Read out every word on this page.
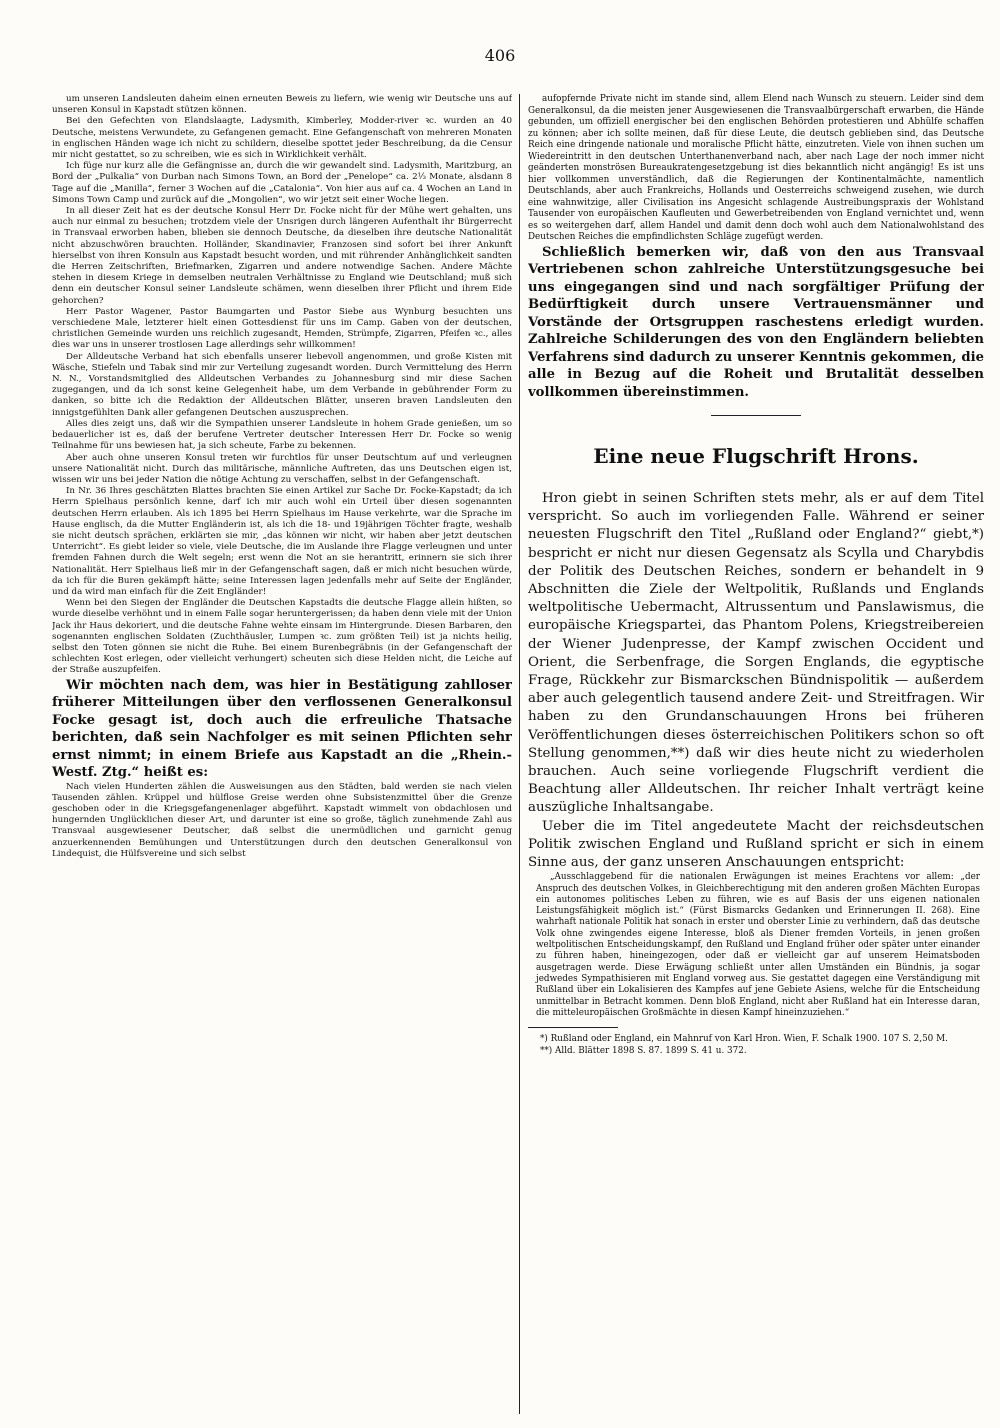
406

um unseren Landsleuten daheim einen erneuten Beweis zu liefern, wie wenig wir Deutsche uns auf unseren Konsul in Kapstadt stützen können.

Bei den Gefechten von Elandslaagte, Ladysmith, Kimberley, Modder-river ꝛc. wurden an 40 Deutsche, meistens Verwundete, zu Gefangenen gemacht. Eine Gefangenschaft von mehreren Monaten in englischen Händen wage ich nicht zu schildern, dieselbe spottet jeder Beschreibung, da die Censur mir nicht gestattet, so zu schreiben, wie es sich in Wirklichkeit verhält.

Ich füge nur kurz alle die Gefängnisse an, durch die wir gewandelt sind. Ladysmith, Maritzburg, an Bord der „Pulkalia“ von Durban nach Simons Town, an Bord der „Penelope“ ca. 2⅓ Monate, alsdann 8 Tage auf die „Manilla“, ferner 3 Wochen auf die „Catalonia“. Von hier aus auf ca. 4 Wochen an Land in Simons Town Camp und zurück auf die „Mongolien“, wo wir jetzt seit einer Woche liegen.

In all dieser Zeit hat es der deutsche Konsul Herr Dr. Focke nicht für der Mühe wert gehalten, uns auch nur einmal zu besuchen; trotzdem viele der Unsrigen durch längeren Aufenthalt ihr Bürgerrecht in Transvaal erworben haben, blieben sie dennoch Deutsche, da dieselben ihre deutsche Nationalität nicht abzuschwören brauchten. Holländer, Skandinavier, Franzosen sind sofort bei ihrer Ankunft hierselbst von ihren Konsuln aus Kapstadt besucht worden, und mit rührender Anhänglichkeit sandten die Herren Zeitschriften, Briefmarken, Zigarren und andere notwendige Sachen. Andere Mächte stehen in diesem Kriege in demselben neutralen Verhältnisse zu England wie Deutschland; muß sich denn ein deutscher Konsul seiner Landsleute schämen, wenn dieselben ihrer Pflicht und ihrem Eide gehorchen?

Herr Pastor Wagener, Pastor Baumgarten und Pastor Siebe aus Wynburg besuchten uns verschiedene Male, letzterer hielt einen Gottesdienst für uns im Camp. Gaben von der deutschen, christlichen Gemeinde wurden uns reichlich zugesandt, Hemden, Strümpfe, Zigarren, Pfeifen ꝛc., alles dies war uns in unserer trostlosen Lage allerdings sehr willkommen!

Der Alldeutsche Verband hat sich ebenfalls unserer liebevoll angenommen, und große Kisten mit Wäsche, Stiefeln und Tabak sind mir zur Verteilung zugesandt worden. Durch Vermittelung des Herrn N. N., Vorstandsmitglied des Alldeutschen Verbandes zu Johannesburg sind mir diese Sachen zugegangen, und da ich sonst keine Gelegenheit habe, um dem Verbande in gebührender Form zu danken, so bitte ich die Redaktion der Alldeutschen Blätter, unseren braven Landsleuten den innigstgefühlten Dank aller gefangenen Deutschen auszusprechen.

Alles dies zeigt uns, daß wir die Sympathien unserer Landsleute in hohem Grade genießen, um so bedauerlicher ist es, daß der berufene Vertreter deutscher Interessen Herr Dr. Focke so wenig Teilnahme für uns bewiesen hat, ja sich scheute, Farbe zu bekennen.

Aber auch ohne unseren Konsul treten wir furchtlos für unser Deutschtum auf und verleugnen unsere Nationalität nicht. Durch das militärische, männliche Auftreten, das uns Deutschen eigen ist, wissen wir uns bei jeder Nation die nötige Achtung zu verschaffen, selbst in der Gefangenschaft.

In Nr. 36 Ihres geschätzten Blattes brachten Sie einen Artikel zur Sache Dr. Focke-Kapstadt; da ich Herrn Spielhaus persönlich kenne, darf ich mir auch wohl ein Urteil über diesen sogenannten deutschen Herrn erlauben. Als ich 1895 bei Herrn Spielhaus im Hause verkehrte, war die Sprache im Hause englisch, da die Mutter Engländerin ist, als ich die 18- und 19jährigen Töchter fragte, weshalb sie nicht deutsch sprächen, erklärten sie mir, „das können wir nicht, wir haben aber jetzt deutschen Unterricht“. Es giebt leider so viele, viele Deutsche, die im Auslande ihre Flagge verleugnen und unter fremden Fahnen durch die Welt segeln; erst wenn die Not an sie herantritt, erinnern sie sich ihrer Nationalität. Herr Spielhaus ließ mir in der Gefangenschaft sagen, daß er mich nicht besuchen würde, da ich für die Buren gekämpft hätte; seine Interessen lagen jedenfalls mehr auf Seite der Engländer, und da wird man einfach für die Zeit Engländer!

Wenn bei den Siegen der Engländer die Deutschen Kapstadts die deutsche Flagge allein hißten, so wurde dieselbe verhöhnt und in einem Falle sogar heruntergerissen; da haben denn viele mit der Union Jack ihr Haus dekoriert, und die deutsche Fahne wehte einsam im Hintergrunde. Diesen Barbaren, den sogenannten englischen Soldaten (Zuchthäusler, Lumpen ꝛc. zum größten Teil) ist ja nichts heilig, selbst den Toten gönnen sie nicht die Ruhe. Bei einem Burenbegräbnis (in der Gefangenschaft der schlechten Kost erlegen, oder vielleicht verhungert) scheuten sich diese Helden nicht, die Leiche auf der Straße auszupfeifen.

Wir möchten nach dem, was hier in Bestätigung zahlloser früherer Mitteilungen über den verflossenen Generalkonsul Focke gesagt ist, doch auch die erfreuliche Thatsache berichten, daß sein Nachfolger es mit seinen Pflichten sehr ernst nimmt; in einem Briefe aus Kapstadt an die „Rhein.-Westf. Ztg.“ heißt es:

Nach vielen Hunderten zählen die Ausweisungen aus den Städten, bald werden sie nach vielen Tausenden zählen. Krüppel und hülflose Greise werden ohne Subsistenzmittel über die Grenze geschoben oder in die Kriegsgefangenenlager abgeführt. Kapstadt wimmelt von obdachlosen und hungernden Unglücklichen dieser Art, und darunter ist eine so große, täglich zunehmende Zahl aus Transvaal ausgewiesener Deutscher, daß selbst die unermüdlichen und garnicht genug anzuerkennenden Bemühungen und Unterstützungen durch den deutschen Generalkonsul von Lindequist, die Hülfsvereine und sich selbst

aufopfernde Private nicht im stande sind, allem Elend nach Wunsch zu steuern. Leider sind dem Generalkonsul, da die meisten jener Ausgewiesenen die Transvaalbürgerschaft erwarben, die Hände gebunden, um offiziell energischer bei den englischen Behörden protestieren und Abhülfe schaffen zu können; aber ich sollte meinen, daß für diese Leute, die deutsch geblieben sind, das Deutsche Reich eine dringende nationale und moralische Pflicht hätte, einzutreten. Viele von ihnen suchen um Wiedereintritt in den deutschen Unterthanenverband nach, aber nach Lage der noch immer nicht geänderten monströsen Bureaukratengesetzgebung ist dies bekanntlich nicht angängig! Es ist uns hier vollkommen unverständlich, daß die Regierungen der Kontinentalmächte, namentlich Deutschlands, aber auch Frankreichs, Hollands und Oesterreichs schweigend zusehen, wie durch eine wahnwitzige, aller Civilisation ins Angesicht schlagende Austreibungspraxis der Wohlstand Tausender von europäischen Kaufleuten und Gewerbetreibenden von England vernichtet und, wenn es so weitergehen darf, allem Handel und damit denn doch wohl auch dem Nationalwohlstand des Deutschen Reiches die empfindlichsten Schläge zugefügt werden.

Schließlich bemerken wir, daß von den aus Transvaal Vertriebenen schon zahlreiche Unterstützungsgesuche bei uns eingegangen sind und nach sorgfältiger Prüfung der Bedürftigkeit durch unsere Vertrauensmänner und Vorstände der Ortsgruppen raschestens erledigt wurden. Zahlreiche Schilderungen des von den Engländern beliebten Verfahrens sind dadurch zu unserer Kenntnis gekommen, die alle in Bezug auf die Roheit und Brutalität desselben vollkommen übereinstimmen.

Eine neue Flugschrift Hrons.

Hron giebt in seinen Schriften stets mehr, als er auf dem Titel verspricht. So auch im vorliegenden Falle. Während er seiner neuesten Flugschrift den Titel „Rußland oder England?“ giebt,*) bespricht er nicht nur diesen Gegensatz als Scylla und Charybdis der Politik des Deutschen Reiches, sondern er behandelt in 9 Abschnitten die Ziele der Weltpolitik, Rußlands und Englands weltpolitische Uebermacht, Altrussentum und Panslawismus, die europäische Kriegspartei, das Phantom Polens, Kriegstreibereien der Wiener Judenpresse, der Kampf zwischen Occident und Orient, die Serbenfrage, die Sorgen Englands, die egyptische Frage, Rückkehr zur Bismarckschen Bündnispolitik — außerdem aber auch gelegentlich tausend andere Zeit- und Streitfragen. Wir haben zu den Grundanschauungen Hrons bei früheren Veröffentlichungen dieses österreichischen Politikers schon so oft Stellung genommen,**) daß wir dies heute nicht zu wiederholen brauchen. Auch seine vorliegende Flugschrift verdient die Beachtung aller Alldeutschen. Ihr reicher Inhalt verträgt keine auszügliche Inhaltsangabe.

Ueber die im Titel angedeutete Macht der reichsdeutschen Politik zwischen England und Rußland spricht er sich in einem Sinne aus, der ganz unseren Anschauungen entspricht:

„Ausschlaggebend für die nationalen Erwägungen ist meines Erachtens vor allem: „der Anspruch des deutschen Volkes, in Gleichberechtigung mit den anderen großen Mächten Europas ein autonomes politisches Leben zu führen, wie es auf Basis der uns eigenen nationalen Leistungsfähigkeit möglich ist.“ (Fürst Bismarcks Gedanken und Erinnerungen II. 268). Eine wahrhaft nationale Politik hat sonach in erster und oberster Linie zu verhindern, daß das deutsche Volk ohne zwingendes eigene Interesse, bloß als Diener fremden Vorteils, in jenen großen weltpolitischen Entscheidungskampf, den Rußland und England früher oder später unter einander zu führen haben, hineingezogen, oder daß er vielleicht gar auf unserem Heimatsboden ausgetragen werde. Diese Erwägung schließt unter allen Umständen ein Bündnis, ja sogar jedwedes Sympathisieren mit England vorweg aus. Sie gestattet dagegen eine Verständigung mit Rußland über ein Lokalisieren des Kampfes auf jene Gebiete Asiens, welche für die Entscheidung unmittelbar in Betracht kommen. Denn bloß England, nicht aber Rußland hat ein Interesse daran, die mitteleuropäischen Großmächte in diesen Kampf hineinzuziehen.“

*) Rußland oder England, ein Mahnruf von Karl Hron. Wien, F. Schalk 1900. 107 S. 2,50 M.

**) Alld. Blätter 1898 S. 87. 1899 S. 41 u. 372.
